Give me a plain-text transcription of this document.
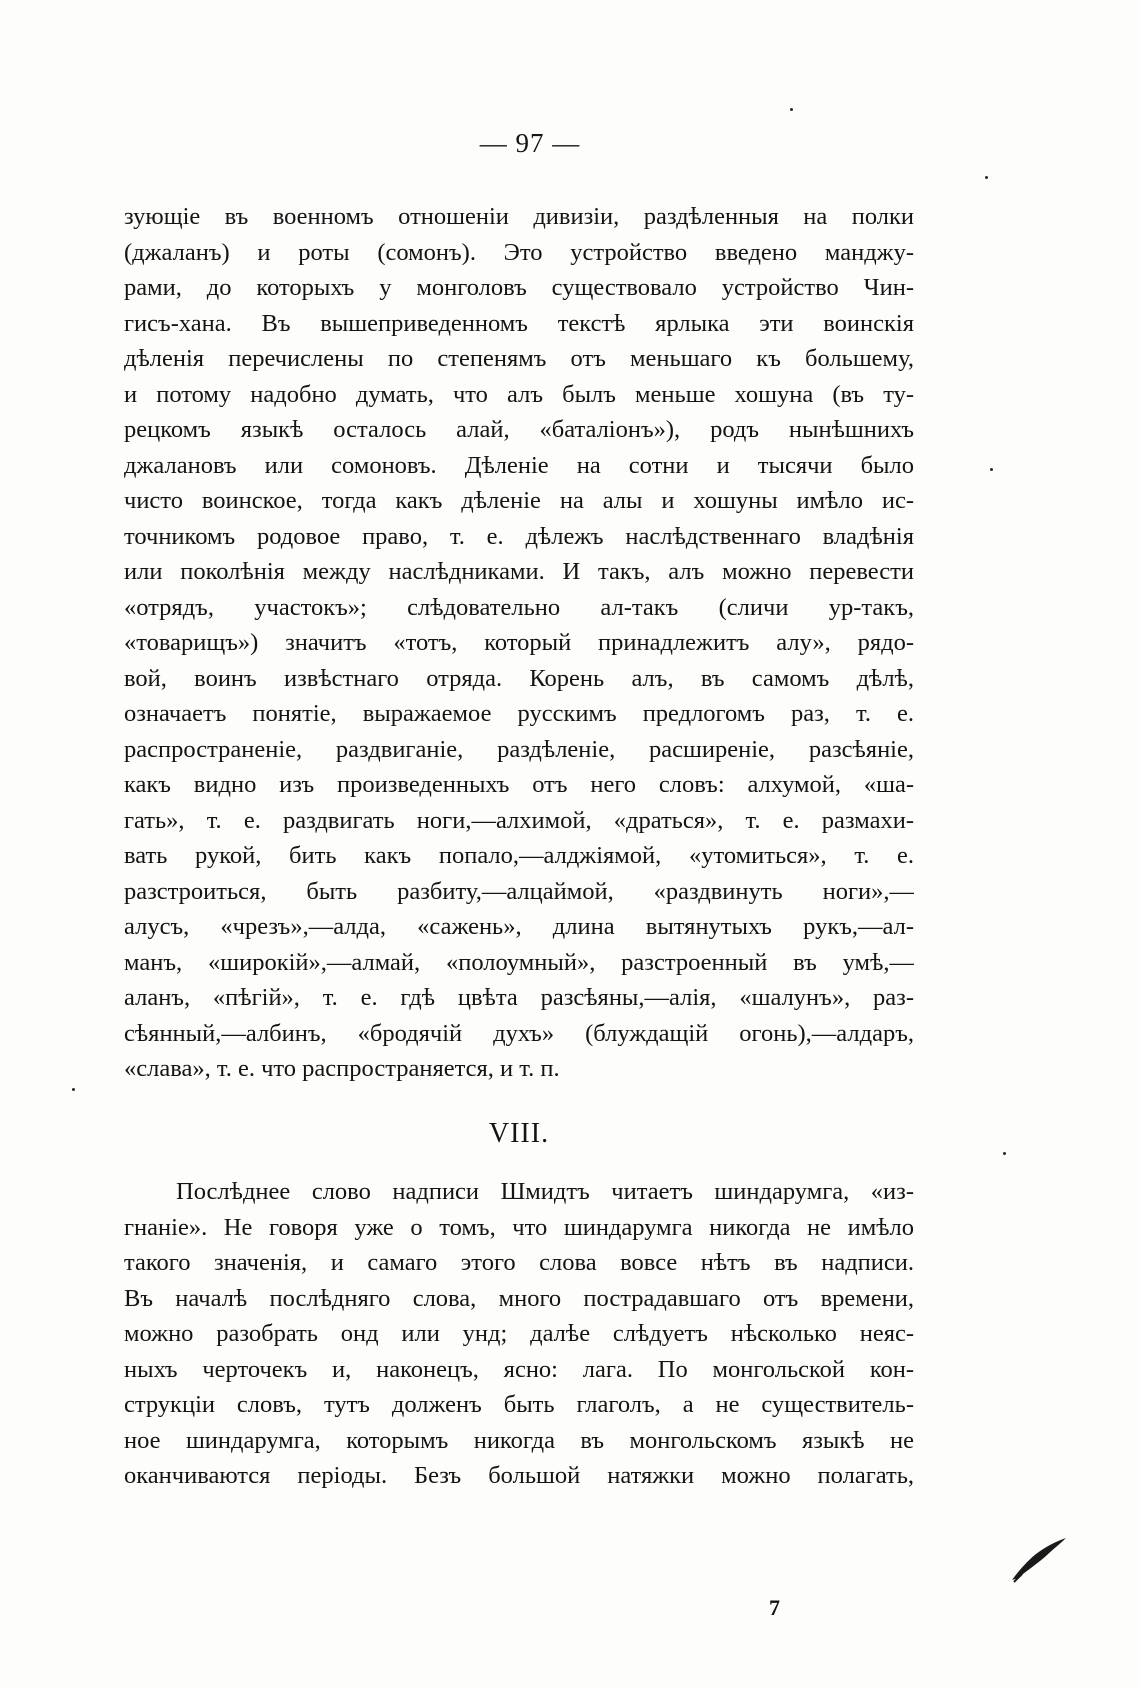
— 97 —
зующіе въ военномъ отношеніи дивизіи, раздѣленныя на полки
(джаланъ) и роты (сомонъ). Это устройство введено манджу-
рами, до которыхъ у монголовъ существовало устройство Чин-
гисъ-хана. Въ вышеприведенномъ текстѣ ярлыка эти воинскія
дѣленія перечислены по степенямъ отъ меньшаго къ большему,
и потому надобно думать, что алъ былъ меньше хошуна (въ ту-
рецкомъ языкѣ осталось алай, «баталіонъ»), родъ нынѣшнихъ
джалановъ или сомоновъ. Дѣленіе на сотни и тысячи было
чисто воинское, тогда какъ дѣленіе на алы и хошуны имѣло ис-
точникомъ родовое право, т. е. дѣлежъ наслѣдственнаго владѣнія
или поколѣнія между наслѣдниками. И такъ, алъ можно перевести
«отрядъ, участокъ»; слѣдовательно ал-такъ (сличи ур-такъ,
«товарищъ») значитъ «тотъ, который принадлежитъ алу», рядо-
вой, воинъ извѣстнаго отряда. Корень алъ, въ самомъ дѣлѣ,
означаетъ понятіе, выражаемое русскимъ предлогомъ раз, т. е.
распространеніе, раздвиганіе, раздѣленіе, расширеніе, разсѣяніе,
какъ видно изъ произведенныхъ отъ него словъ: алхумой, «ша-
гать», т. е. раздвигать ноги,—алхимой, «драться», т. е. размахи-
вать рукой, бить какъ попало,—алджіямой, «утомиться», т. е.
разстроиться, быть разбиту,—алцаймой, «раздвинуть ноги»,—
алусъ, «чрезъ»,—алда, «сажень», длина вытянутыхъ рукъ,—ал-
манъ, «широкій»,—алмай, «полоумный», разстроенный въ умѣ,—
аланъ, «пѣгій», т. е. гдѣ цвѣта разсѣяны,—алія, «шалунъ», раз-
сѣянный,—албинъ, «бродячій духъ» (блуждащій огонь),—алдаръ,
«слава», т. е. что распространяется, и т. п.
VIII.
Послѣднее слово надписи Шмидтъ читаетъ шиндарумга, «из-
гнаніе». Не говоря уже о томъ, что шиндарумга никогда не имѣло
такого значенія, и самаго этого слова вовсе нѣтъ въ надписи.
Въ началѣ послѣдняго слова, много пострадавшаго отъ времени,
можно разобрать онд или унд; далѣе слѣдуетъ нѣсколько неяс-
ныхъ черточекъ и, наконецъ, ясно: лага. По монгольской кон-
струкціи словъ, тутъ долженъ быть глаголъ, а не существитель-
ное шиндарумга, которымъ никогда въ монгольскомъ языкѣ не
оканчиваются періоды. Безъ большой натяжки можно полагать,
7
